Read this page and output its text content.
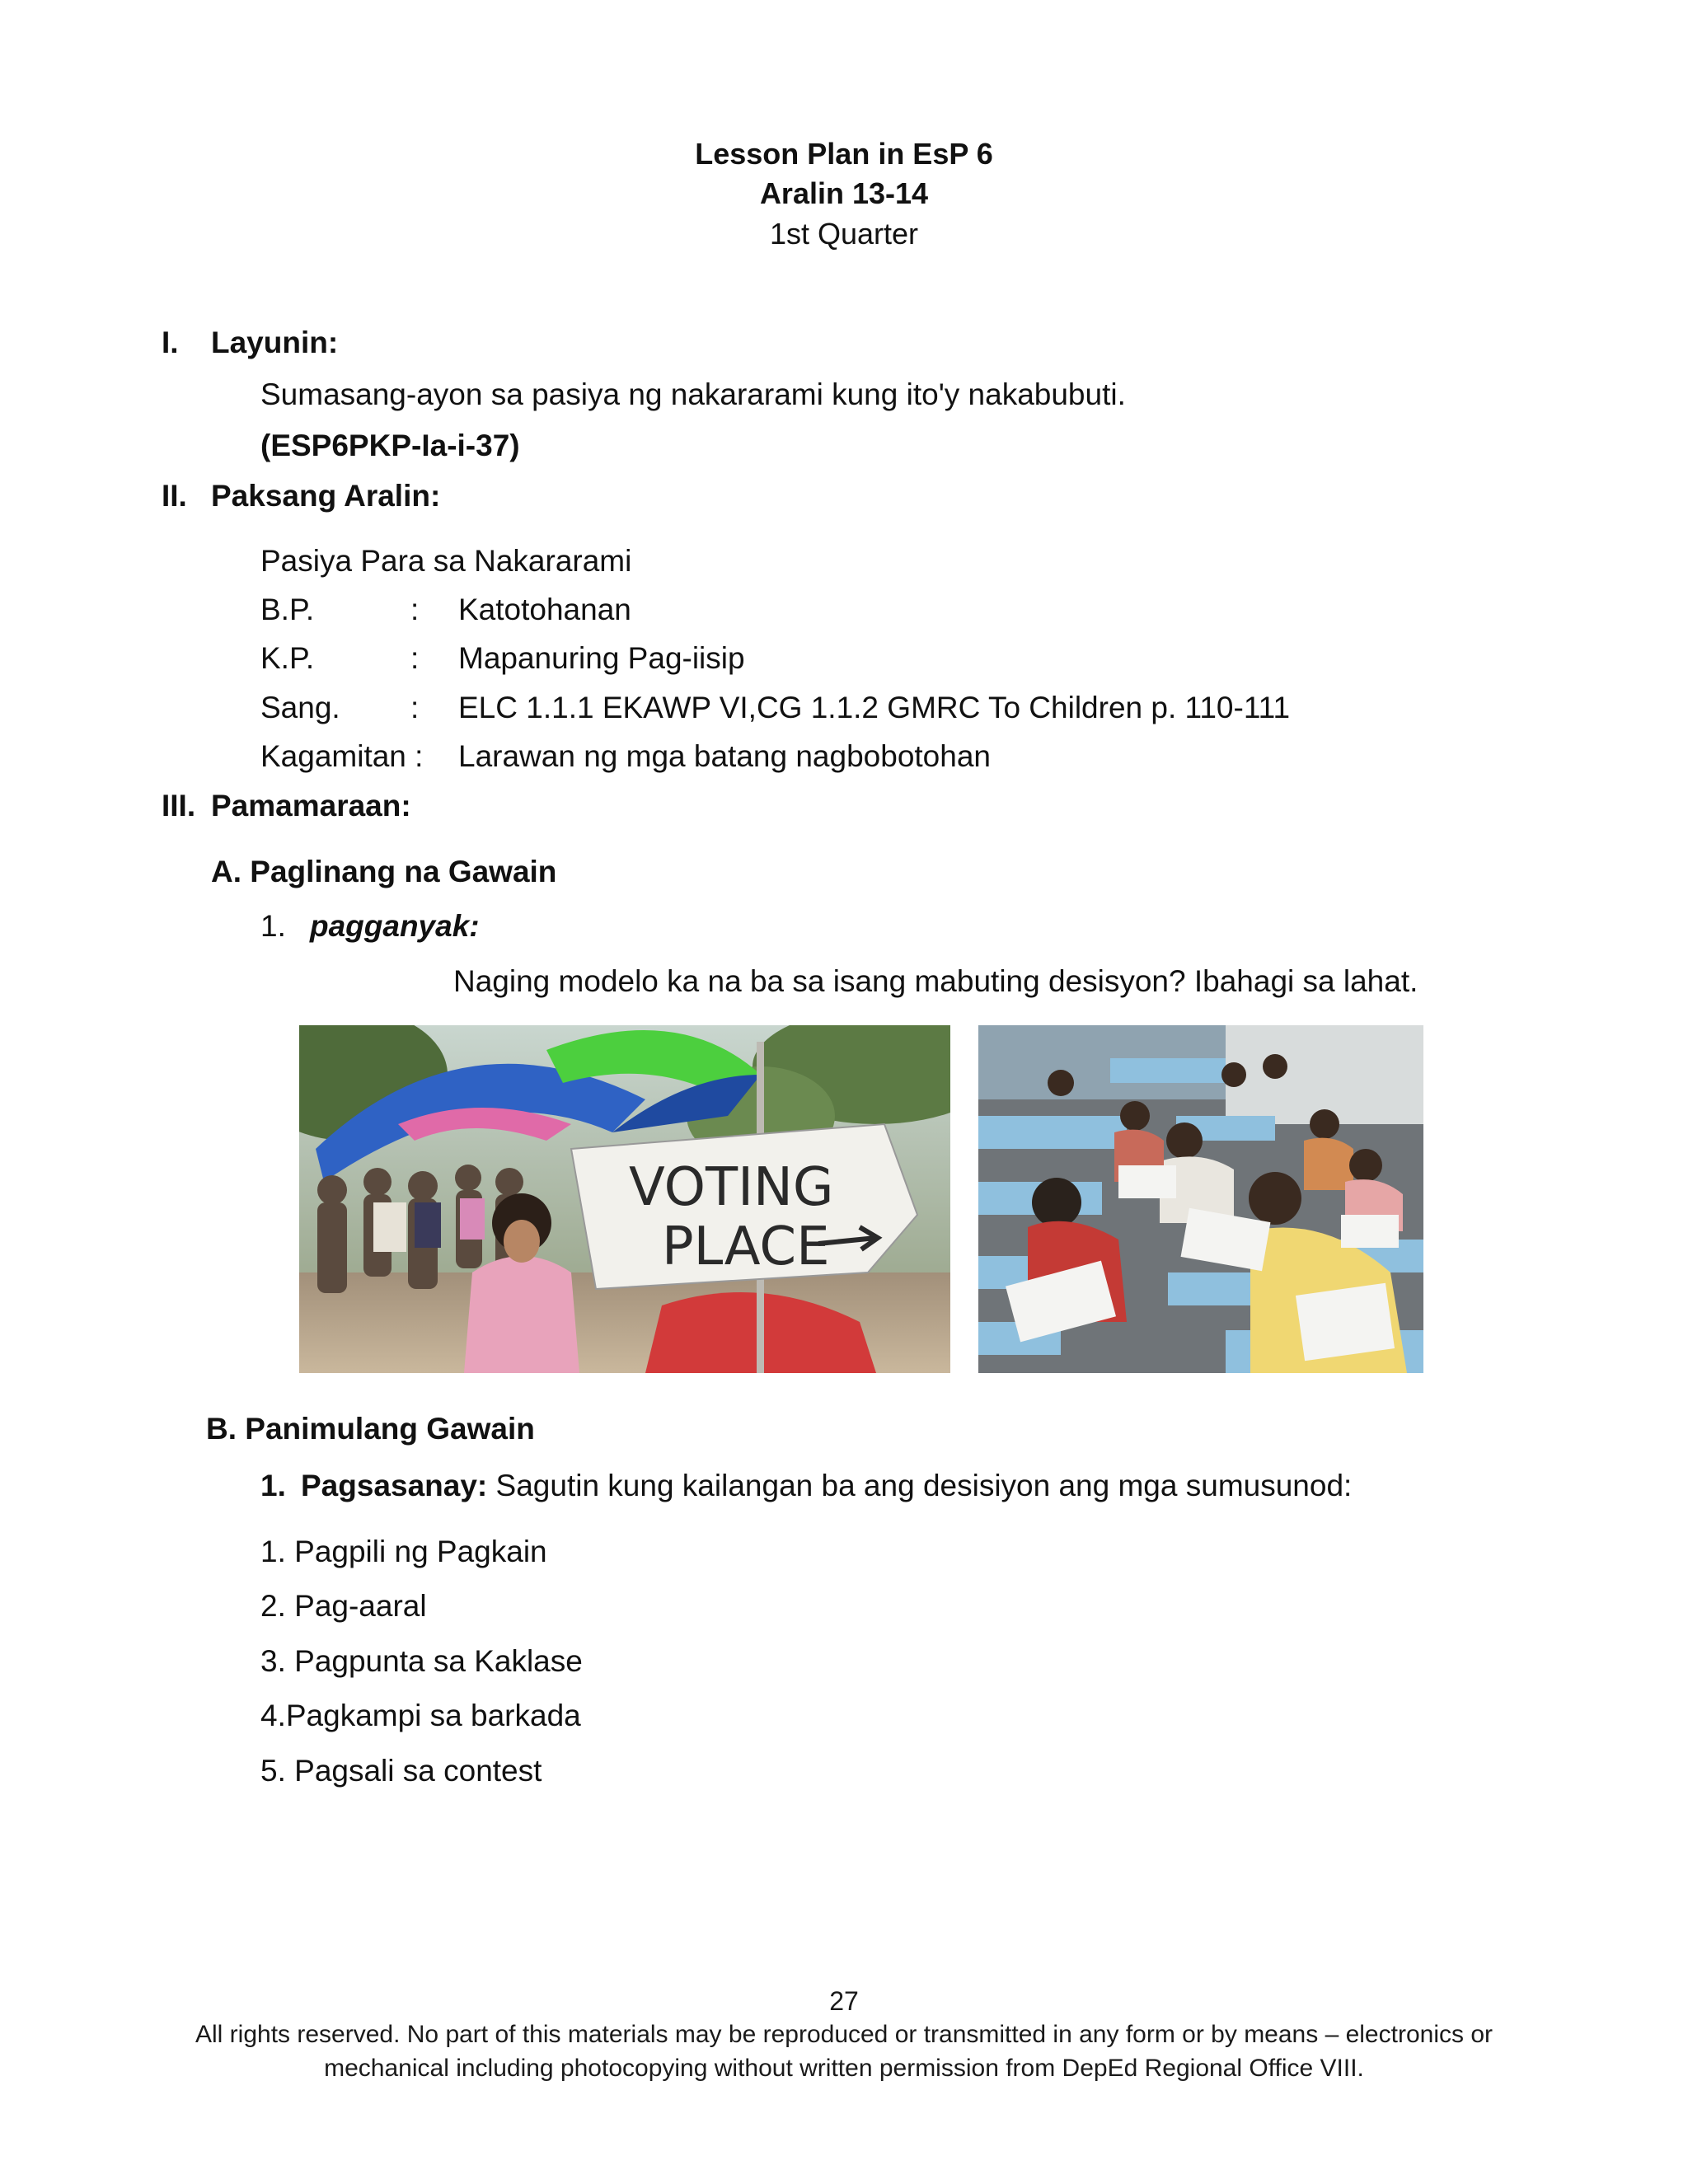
Lesson Plan in EsP 6
Aralin 13-14
1st Quarter
I. Layunin:
Sumasang-ayon sa pasiya ng nakararami kung ito'y nakabubuti.
(ESP6PKP-Ia-i-37)
II. Paksang Aralin:
Pasiya Para sa Nakararami
B.P.	: Katotohanan
K.P.	: Mapanuring Pag-iisip
Sang. : ELC 1.1.1 EKAWP VI,CG 1.1.2 GMRC To Children p. 110-111
Kagamitan : Larawan ng mga batang nagbobotohan
III. Pamamaraan:
A. Paglinang na Gawain
1. pagganyak:
Naging modelo ka na ba sa isang mabuting desisyon? Ibahagi sa lahat.
VOTING
PLACE
B. Panimulang Gawain
1. Pagsasanay: Sagutin kung kailangan ba ang desisiyon ang mga sumusunod:
1. Pagpili ng Pagkain
2. Pag-aaral
3. Pagpunta sa Kaklase
4.Pagkampi sa barkada
5. Pagsali sa contest
27
All rights reserved. No part of this materials may be reproduced or transmitted in any form or by means – electronics or
mechanical including photocopying without written permission from DepEd Regional Office VIII.
